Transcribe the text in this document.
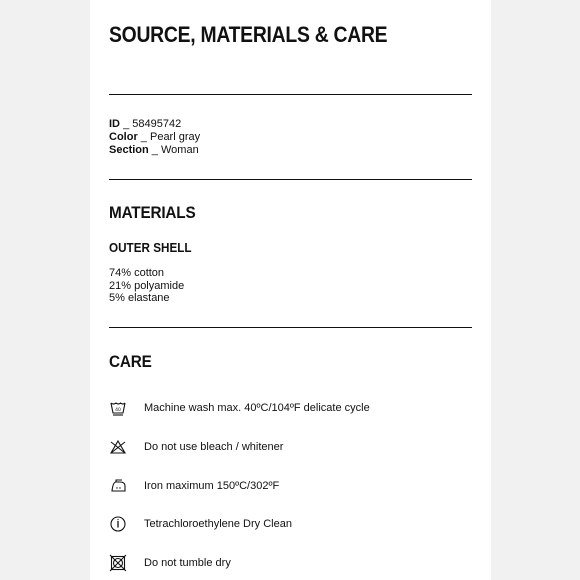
SOURCE, MATERIALS & CARE
ID _ 58495742
Color _ Pearl gray
Section _ Woman
MATERIALS
OUTER SHELL
74% cotton
21% polyamide
5% elastane
CARE
40 Machine wash max. 40ºC/104ºF delicate cycle
Do not use bleach / whitener
Iron maximum 150ºC/302ºF
Tetrachloroethylene Dry Clean
Do not tumble dry
